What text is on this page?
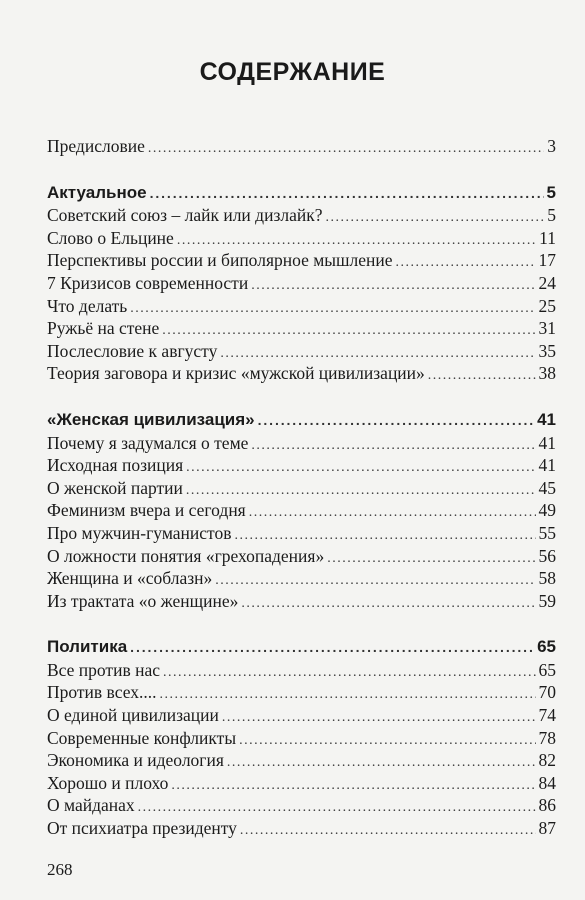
СОДЕРЖАНИЕ
Предисловие . . .	3
Актуальное . . .	5
Советский союз – лайк или дизлайк? . . .	5
Слово о Ельцине . . .	11
Перспективы россии и биполярное мышление . . .	17
7 Кризисов современности . . .	24
Что делать . . .	25
Ружьё на стене . . .	31
Послесловие к августу . . .	35
Теория заговора и кризис «мужской цивилизации» . . .	38
«Женская цивилизация» . . .	41
Почему я задумался о теме . . .	41
Исходная позиция . . .	41
О женской партии . . .	45
Феминизм вчера и сегодня . . .	49
Про мужчин-гуманистов . . .	55
О ложности понятия «грехопадения» . . .	56
Женщина и «соблазн» . . .	58
Из трактата «о женщине» . . .	59
Политика . . .	65
Все против нас . . .	65
Против всех.... . . .	70
О единой цивилизации . . .	74
Современные конфликты . . .	78
Экономика и идеология . . .	82
Хорошо и плохо . . .	84
О майданах . . .	86
От психиатра президенту . . .	87
268
